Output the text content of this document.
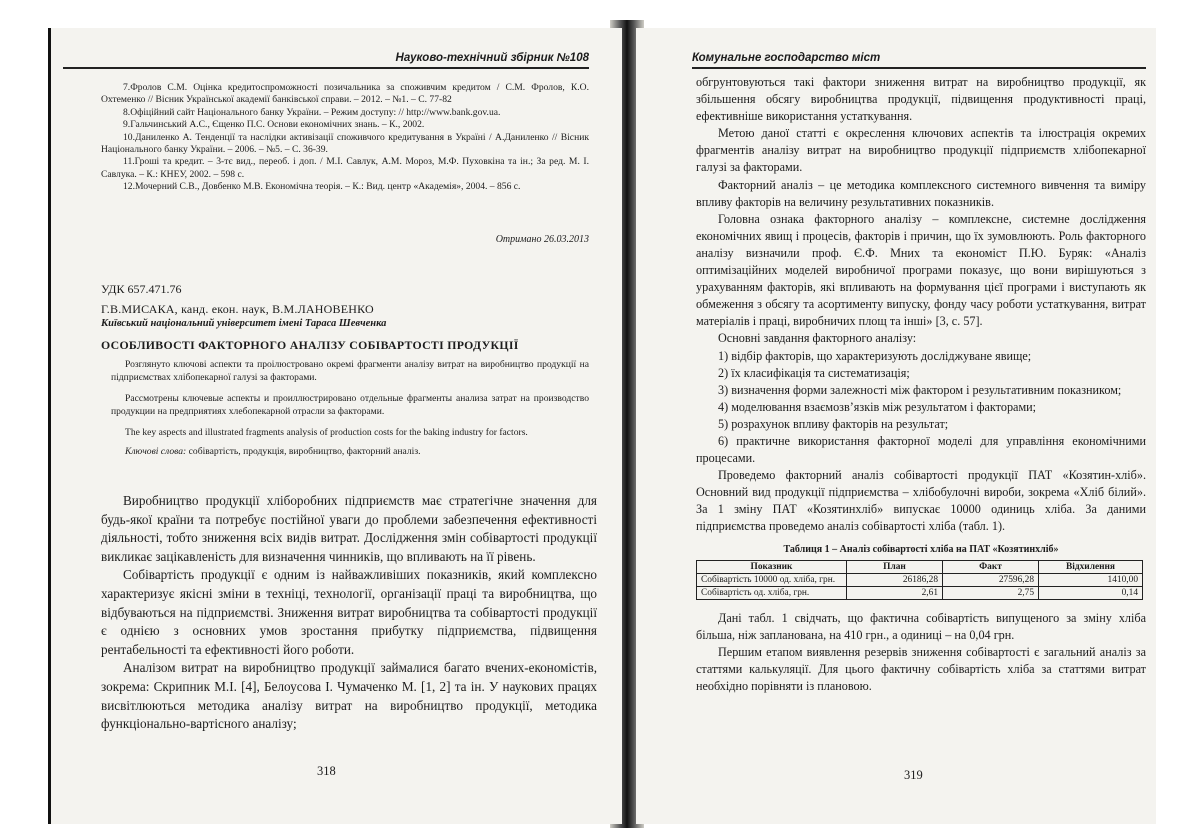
Науково-технічний збірник №108

7.Фролов С.М. Оцінка кредитоспроможності позичальника за споживчим кредитом / С.М. Фролов, К.О. Охтеменко // Вісник Української академії банківської справи. – 2012. – №1. – С. 77-82

8.Офіційний сайт Національного банку України. – Режим доступу: // http://www.bank.gov.ua.

9.Гальчинський А.С., Єщенко П.С. Основи економічних знань. – К., 2002.

10.Даниленко А. Тенденції та наслідки активізації споживчого кредитування в Україні / А.Даниленко // Вісник Національного банку України. – 2006. – №5. – С. 36-39.

11.Гроші та кредит. – 3-тє вид., переоб. і доп. / М.І. Савлук, А.М. Мороз, М.Ф. Пуховкіна та ін.; За ред. М. І. Савлука. – К.: КНЕУ, 2002. – 598 с.

12.Мочерний С.В., Довбенко М.В. Економічна теорія. – К.: Вид. центр «Академія», 2004. – 856 с.

Отримано 26.03.2013
УДК 657.471.76
Г.В.МИСАКА, канд. екон. наук, В.М.ЛАНОВЕНКО
Київський національний університет імені Тараса Шевченка
ОСОБЛИВОСТІ ФАКТОРНОГО АНАЛІЗУ СОБІВАРТОСТІ ПРОДУКЦІЇ

Розглянуто ключові аспекти та проілюстровано окремі фрагменти аналізу витрат на виробництво продукції на підприємствах хлібопекарної галузі за факторами.

Рассмотрены ключевые аспекты и проиллюстрировано отдельные фрагменты анализа затрат на производство продукции на предприятиях хлебопекарной отрасли за факторами.

The key aspects and illustrated fragments analysis of production costs for the baking industry for factors.

Ключові слова: собівартість, продукція, виробництво, факторний аналіз.

Виробництво продукції хліборобних підприємств має стратегічне значення для будь-якої країни та потребує постійної уваги до проблеми забезпечення ефективності діяльності, тобто зниження всіх видів витрат. Дослідження змін собівартості продукції викликає зацікавленість для визначення чинників, що впливають на її рівень.

Собівартість продукції є одним із найважливіших показників, який комплексно характеризує якісні зміни в техніці, технології, організації праці та виробництва, що відбуваються на підприємстві. Зниження витрат виробництва та собівартості продукції є однією з основних умов зростання прибутку підприємства, підвищення рентабельності та ефективності його роботи.

Аналізом витрат на виробництво продукції займалися багато вчених-економістів, зокрема: Скрипник М.І. [4], Белоусова І. Чумаченко М. [1, 2] та ін. У наукових працях висвітлюються методика аналізу витрат на виробництво продукції, методика функціонально-вартісного аналізу;

318
Комунальне господарство міст

обгрунтовуються такі фактори зниження витрат на виробництво продукції, як збільшення обсягу виробництва продукції, підвищення продуктивності праці, ефективніше використання устаткування.

Метою даної статті є окреслення ключових аспектів та ілюстрація окремих фрагментів аналізу витрат на виробництво продукції підприємств хлібопекарної галузі за факторами.

Факторний аналіз – це методика комплексного системного вивчення та виміру впливу факторів на величину результативних показників.

Головна ознака факторного аналізу – комплексне, системне дослідження економічних явищ і процесів, факторів і причин, що їх зумовлюють. Роль факторного аналізу визначили проф. Є.Ф. Мних та економіст П.Ю. Буряк: «Аналіз оптимізаційних моделей виробничої програми показує, що вони вирішуються з урахуванням факторів, які впливають на формування цієї програми і виступають як обмеження з обсягу та асортименту випуску, фонду часу роботи устаткування, витрат матеріалів і праці, виробничих площ та інші» [3, с. 57].

Основні завдання факторного аналізу:

1) відбір факторів, що характеризують досліджуване явище;

2) їх класифікація та систематизація;

3) визначення форми залежності між фактором і результативним показником;

4) моделювання взаємозв’язків між результатом і факторами;

5) розрахунок впливу факторів на результат;

6) практичне використання факторної моделі для управління економічними процесами.

Проведемо факторний аналіз собівартості продукції ПАТ «Козятин-хліб». Основний вид продукції підприємства – хлібобулочні вироби, зокрема «Хліб білий». За 1 зміну ПАТ «Козятинхліб» випускає 10000 одиниць хліба. За даними підприємства проведемо аналіз собівартості хліба (табл. 1).

Таблиця 1 – Аналіз собівартості хліба на ПАТ «Козятинхліб»
Показник	План	Факт	Відхилення
Собівартість 10000 од. хліба, грн.	26186,28	27596,28	1410,00
Собівартість од. хліба, грн.	2,61	2,75	0,14

Дані табл. 1 свідчать, що фактична собівартість випущеного за зміну хліба більша, ніж запланована, на 410 грн., а одиниці – на 0,04 грн.

Першим етапом виявлення резервів зниження собівартості є загальний аналіз за статтями калькуляції. Для цього фактичну собівартість хліба за статтями витрат необхідно порівняти із плановою.

319
